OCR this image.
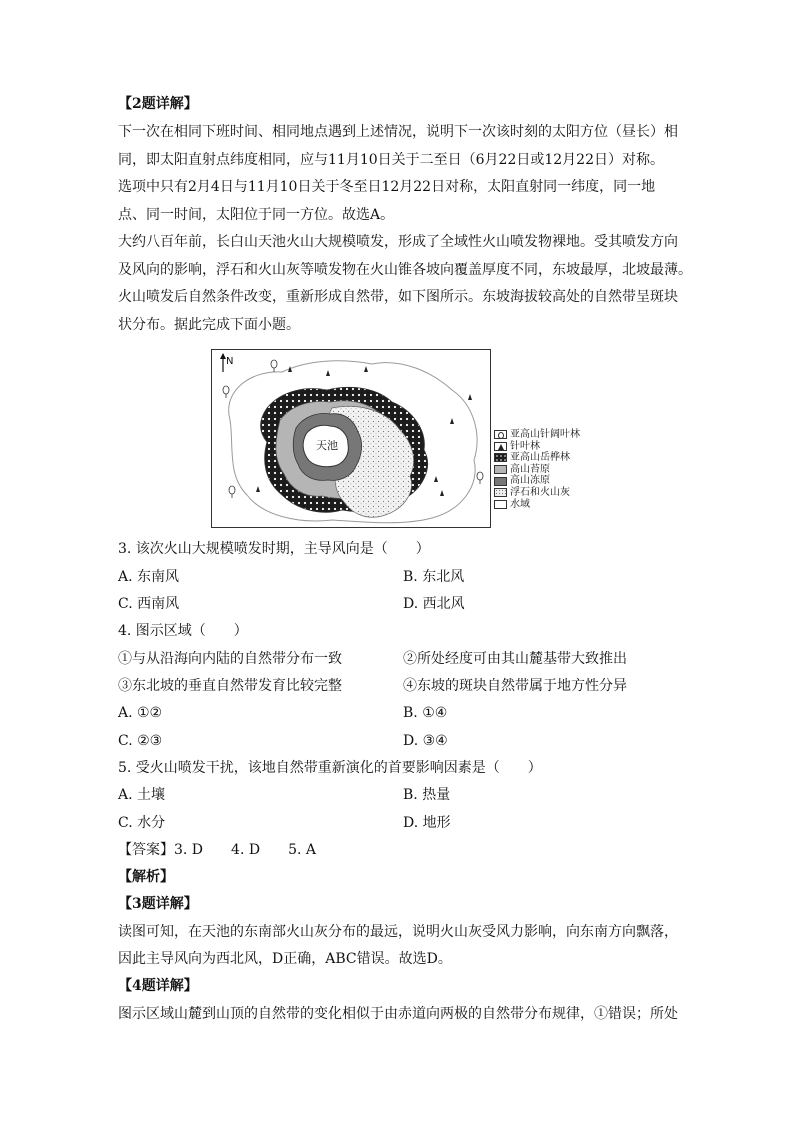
【2题详解】
下一次在相同下班时间、相同地点遇到上述情况，说明下一次该时刻的太阳方位（昼长）相
同，即太阳直射点纬度相同，应与11月10日关于二至日（6月22日或12月22日）对称。
选项中只有2月4日与11月10日关于冬至日12月22日对称，太阳直射同一纬度，同一地
点、同一时间，太阳位于同一方位。故选A。
大约八百年前，长白山天池火山大规模喷发，形成了全域性火山喷发物裸地。受其喷发方向
及风向的影响，浮石和火山灰等喷发物在火山锥各坡向覆盖厚度不同，东坡最厚，北坡最薄。
火山喷发后自然条件改变，重新形成自然带，如下图所示。东坡海拔较高处的自然带呈斑块
状分布。据此完成下面小题。
天池
N
亚高山针阔叶林
针叶林
亚高山岳桦林
高山苔原
高山冻原
浮石和火山灰
水域
3. 该次火山大规模喷发时期，主导风向是（　　）
A. 东南风	B. 东北风
C. 西南风	D. 西北风
4. 图示区域（　　）
①与从沿海向内陆的自然带分布一致	②所处经度可由其山麓基带大致推出
③东北坡的垂直自然带发育比较完整	④东坡的斑块自然带属于地方性分异
A. ①②	B. ①④
C. ②③	D. ③④
5. 受火山喷发干扰，该地自然带重新演化的首要影响因素是（　　）
A. 土壤	B. 热量
C. 水分	D. 地形
【答案】3. D　　4. D　　5. A
【解析】
【3题详解】
读图可知，在天池的东南部火山灰分布的最远，说明火山灰受风力影响，向东南方向飘落，
因此主导风向为西北风，D正确，ABC错误。故选D。
【4题详解】
图示区域山麓到山顶的自然带的变化相似于由赤道向两极的自然带分布规律，①错误；所处
